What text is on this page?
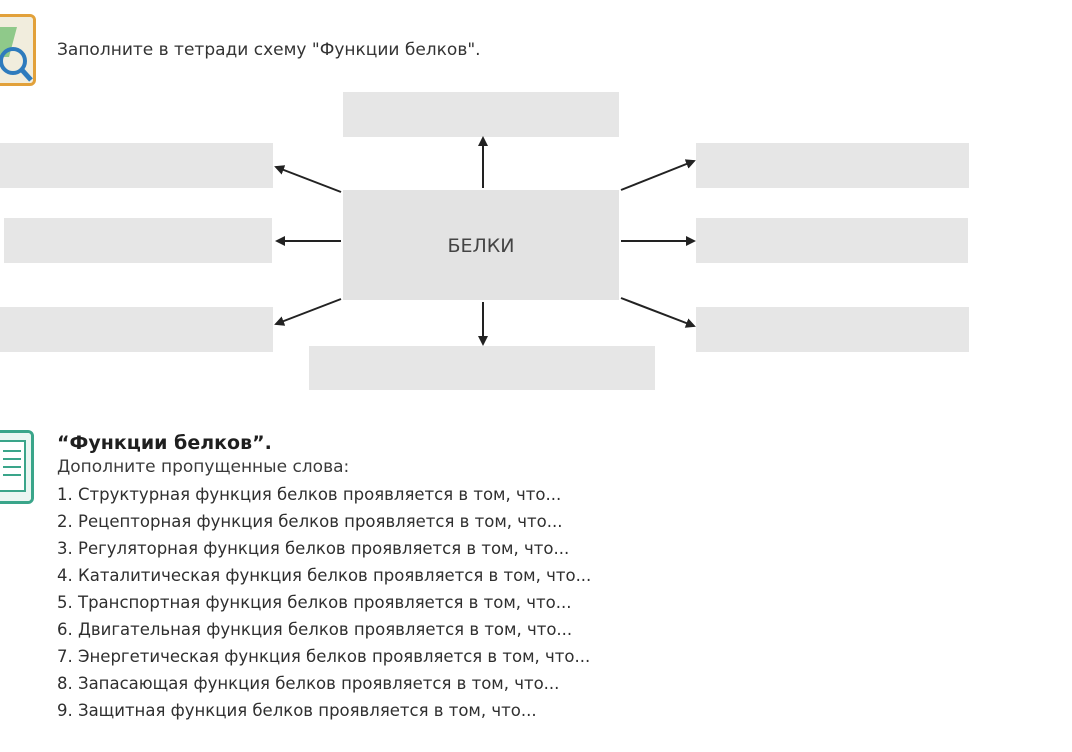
Заполните в тетради схему "Функции белков".
БЕЛКИ
“Функции белков”.
Дополните пропущенные слова:
1. Структурная функция белков проявляется в том, что...
2. Рецепторная функция белков проявляется в том, что...
3. Регуляторная функция белков проявляется в том, что...
4. Каталитическая функция белков проявляется в том, что...
5. Транспортная функция белков проявляется в том, что...
6. Двигательная функция белков проявляется в том, что...
7. Энергетическая функция белков проявляется в том, что...
8. Запасающая функция белков проявляется в том, что...
9. Защитная функция белков проявляется в том, что...
